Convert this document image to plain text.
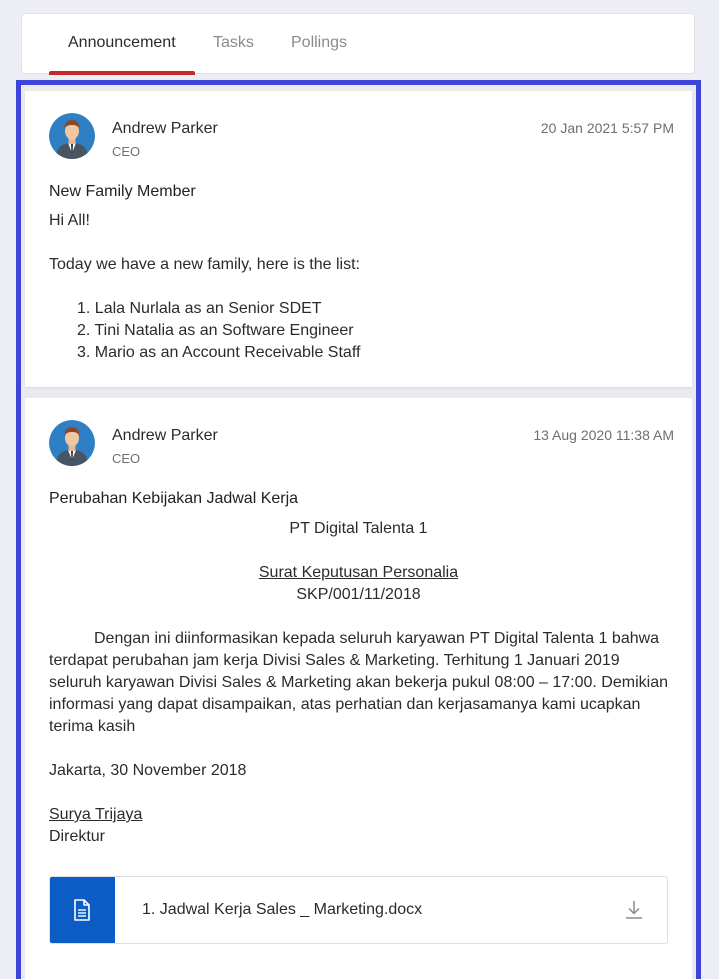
Announcement Tasks Pollings
Andrew Parker
CEO
20 Jan 2021 5:57 PM
New Family Member
Hi All!
Today we have a new family, here is the list:
1. Lala Nurlala as an Senior SDET
2. Tini Natalia as an Software Engineer
3. Mario as an Account Receivable Staff
Andrew Parker
CEO
13 Aug 2020 11:38 AM
Perubahan Kebijakan Jadwal Kerja
PT Digital Talenta 1
Surat Keputusan Personalia
SKP/001/11/2018
Dengan ini diinformasikan kepada seluruh karyawan PT Digital Talenta 1 bahwa terdapat perubahan jam kerja Divisi Sales & Marketing. Terhitung 1 Januari 2019 seluruh karyawan Divisi Sales & Marketing akan bekerja pukul 08:00 – 17:00. Demikian informasi yang dapat disampaikan, atas perhatian dan kerjasamanya kami ucapkan terima kasih
Jakarta, 30 November 2018
Surya Trijaya
Direktur
1. Jadwal Kerja Sales _ Marketing.docx
